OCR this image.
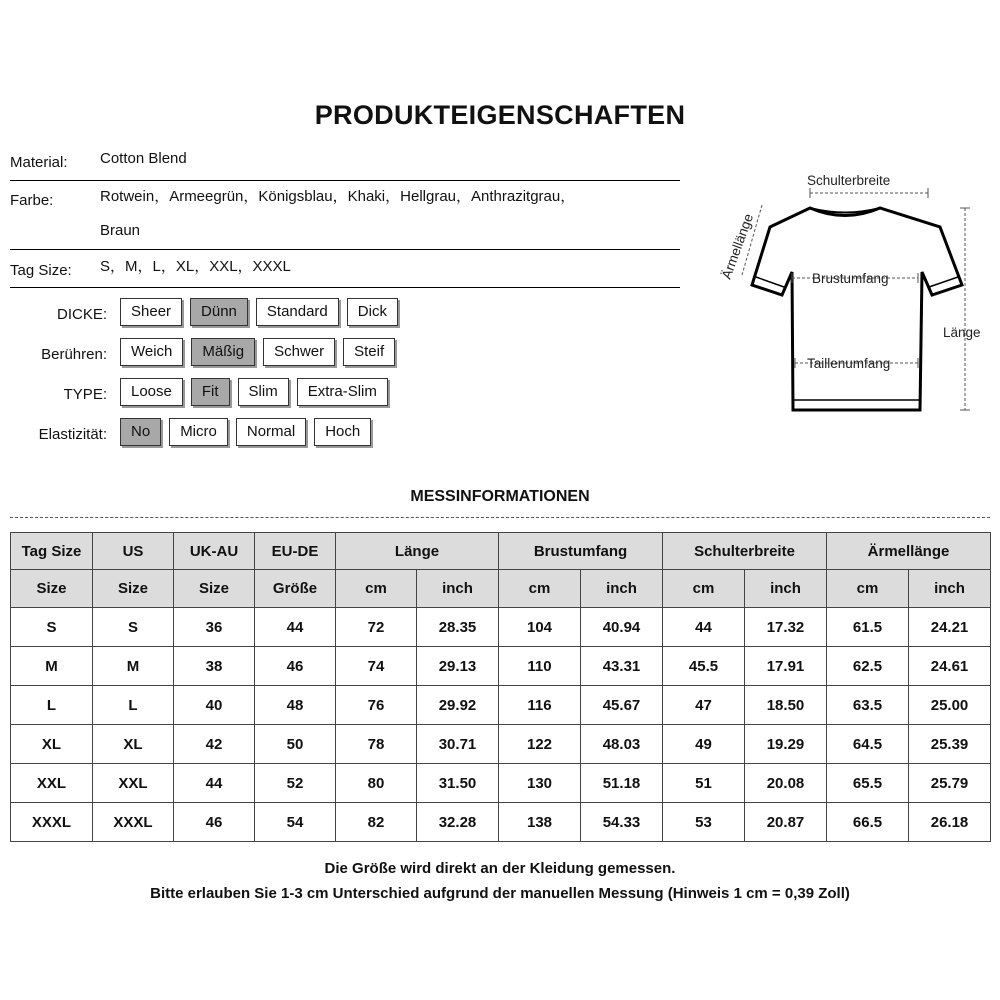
PRODUKTEIGENSCHAFTEN
Material: Cotton Blend
Farbe:	Rotwein，Armeegrün，Königsblau，Khaki，Hellgrau，Anthrazitgrau，
Braun
Tag Size: S，M，L，XL，XXL，XXXL
DICKE:	Sheer	Dünn	Standard	Dick
Berühren:	Weich	Mäßig	Schwer	Steif
TYPE:	Loose	Fit	Slim	Extra-Slim
Elastizität:	No	Micro	Normal	Hoch
Schulterbreite
Ärmellänge	Brustumfang
Taillenumfang
Länge
MESSINFORMATIONEN
Tag Size	US	UK-AU	EU-DE	Länge		Brustumfang		Schulterbreite		Ärmellänge	
Size	Size	Size	Größe	cm	inch	cm	inch	cm	inch	cm	inch
S	S	36	44	72	28.35	104	40.94	44	17.32	61.5	24.21
M	M	38	46	74	29.13	110	43.31	45.5	17.91	62.5	24.61
L	L	40	48	76	29.92	116	45.67	47	18.50	63.5	25.00
XL	XL	42	50	78	30.71	122	48.03	49	19.29	64.5	25.39
XXL	XXL	44	52	80	31.50	130	51.18	51	20.08	65.5	25.79
XXXL	XXXL	46	54	82	32.28	138	54.33	53	20.87	66.5	26.18
Die Größe wird direkt an der Kleidung gemessen.
Bitte erlauben Sie 1-3 cm Unterschied aufgrund der manuellen Messung (Hinweis 1 cm = 0,39 Zoll)
